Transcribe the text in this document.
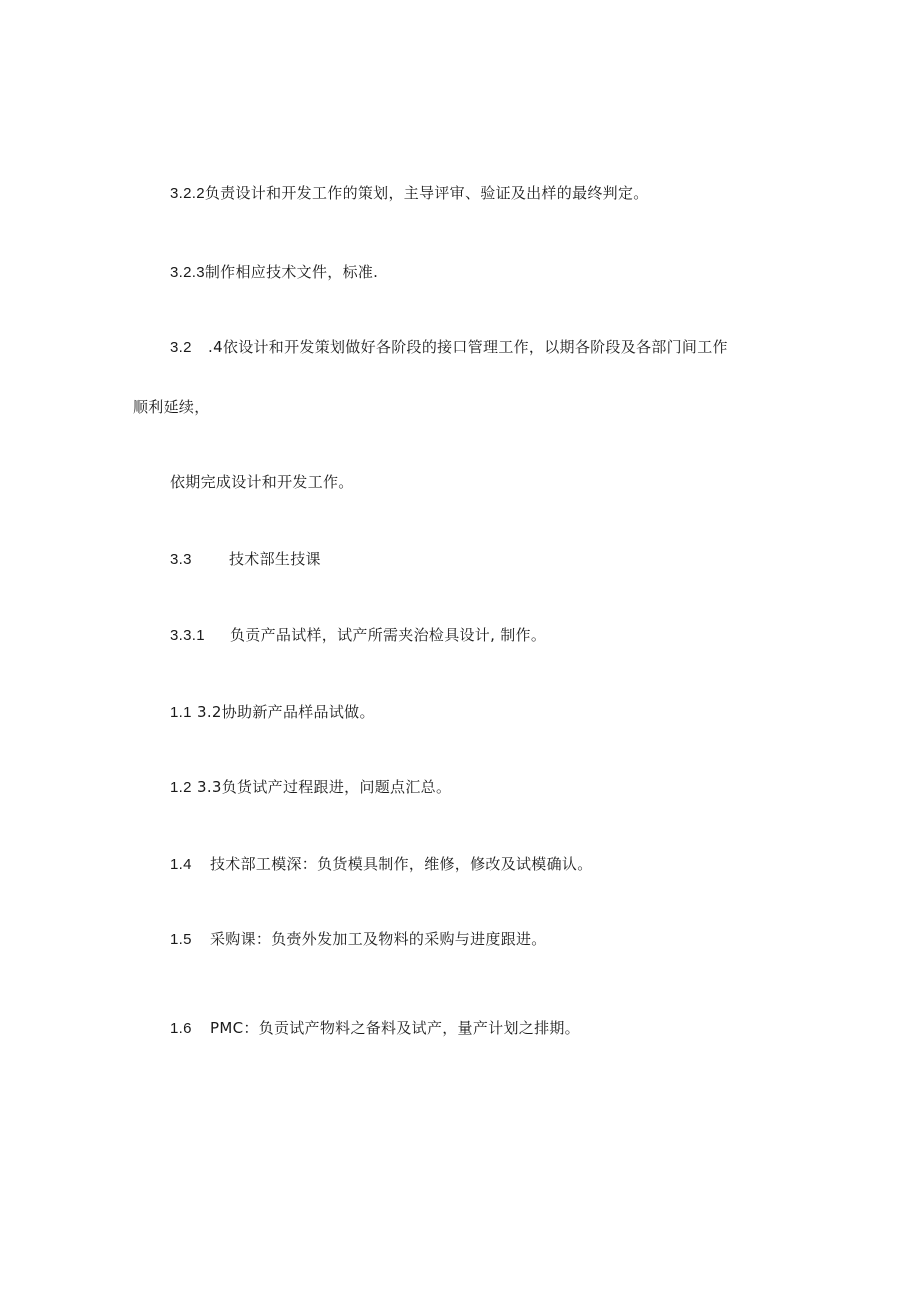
3.2.2负责设计和开发工作的策划，主导评审、验证及出样的最终判定。
3.2.3制作相应技术文件，标准.
3.2 .4依设计和开发策划做好各阶段的接口管理工作，以期各阶段及各部门间工作
顺利延续，
依期完成设计和开发工作。
3.3 技术部生技课
3.3.1 负贡产品试样，试产所需夹治检具设计, 制作。
1.1 3.2协助新产品样品试做。
1.2 3.3负货试产过程跟进，问题点汇总。
1.4 技术部工模深：负货模具制作，维修，修改及试模确认。
1.5 采购课：负赍外发加工及物料的采购与进度跟进。
1.6 PMC：负贡试产物料之备料及试产，量产计划之排期。
